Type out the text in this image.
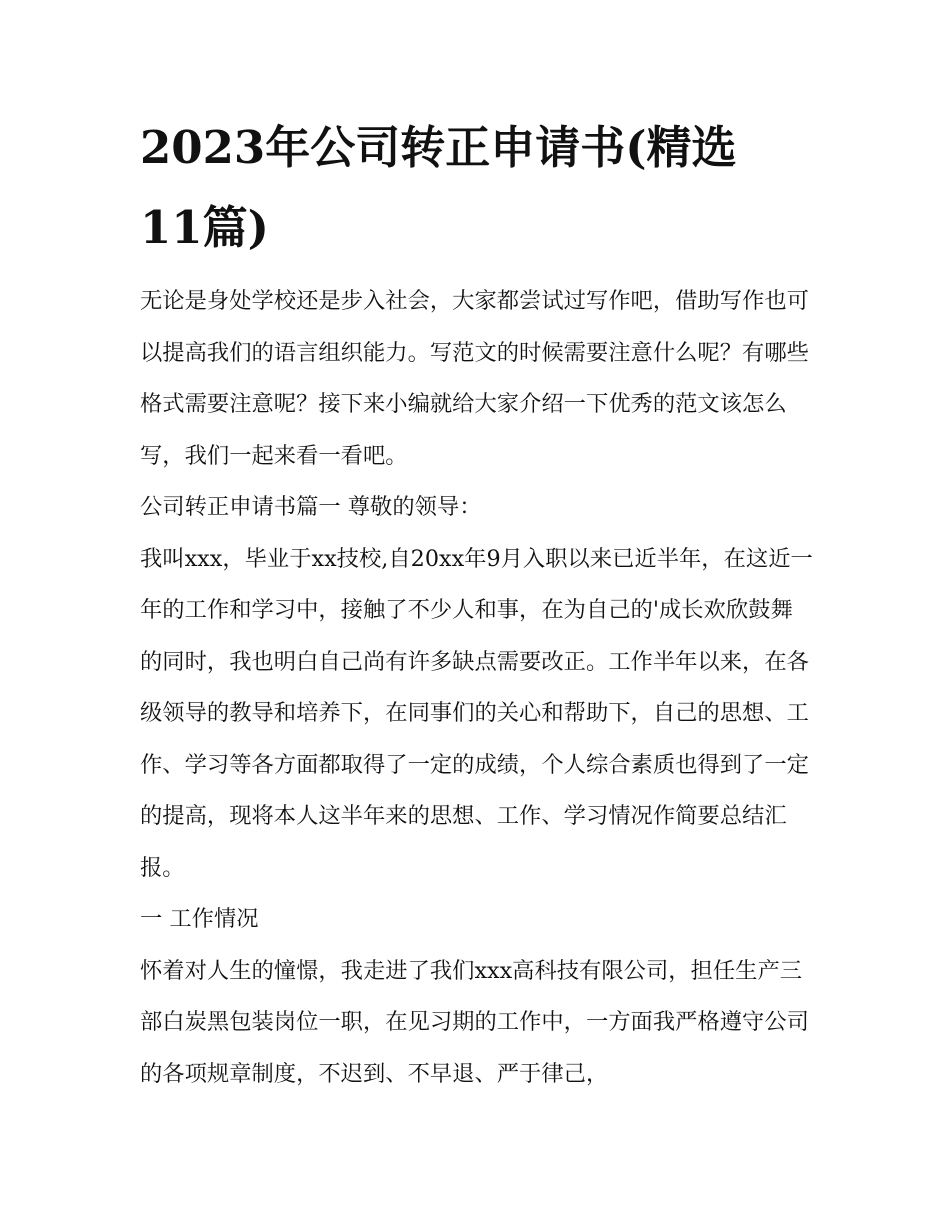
2023年公司转正申请书(精选
11篇)

无论是身处学校还是步入社会，大家都尝试过写作吧，借助写作也可以提高我们的语言组织能力。写范文的时候需要注意什么呢？有哪些格式需要注意呢？接下来小编就给大家介绍一下优秀的范文该怎么写，我们一起来看一看吧。

公司转正申请书篇一 尊敬的领导：

我叫xxx，毕业于xx技校,自20xx年9月入职以来已近半年，在这近一年的工作和学习中，接触了不少人和事，在为自己的'成长欢欣鼓舞的同时，我也明白自己尚有许多缺点需要改正。工作半年以来，在各级领导的教导和培养下，在同事们的关心和帮助下，自己的思想、工作、学习等各方面都取得了一定的成绩，个人综合素质也得到了一定的提高，现将本人这半年来的思想、工作、学习情况作简要总结汇报。

一 工作情况

怀着对人生的憧憬，我走进了我们xxx高科技有限公司，担任生产三部白炭黑包装岗位一职，在见习期的工作中，一方面我严格遵守公司的各项规章制度，不迟到、不早退、严于律己，
